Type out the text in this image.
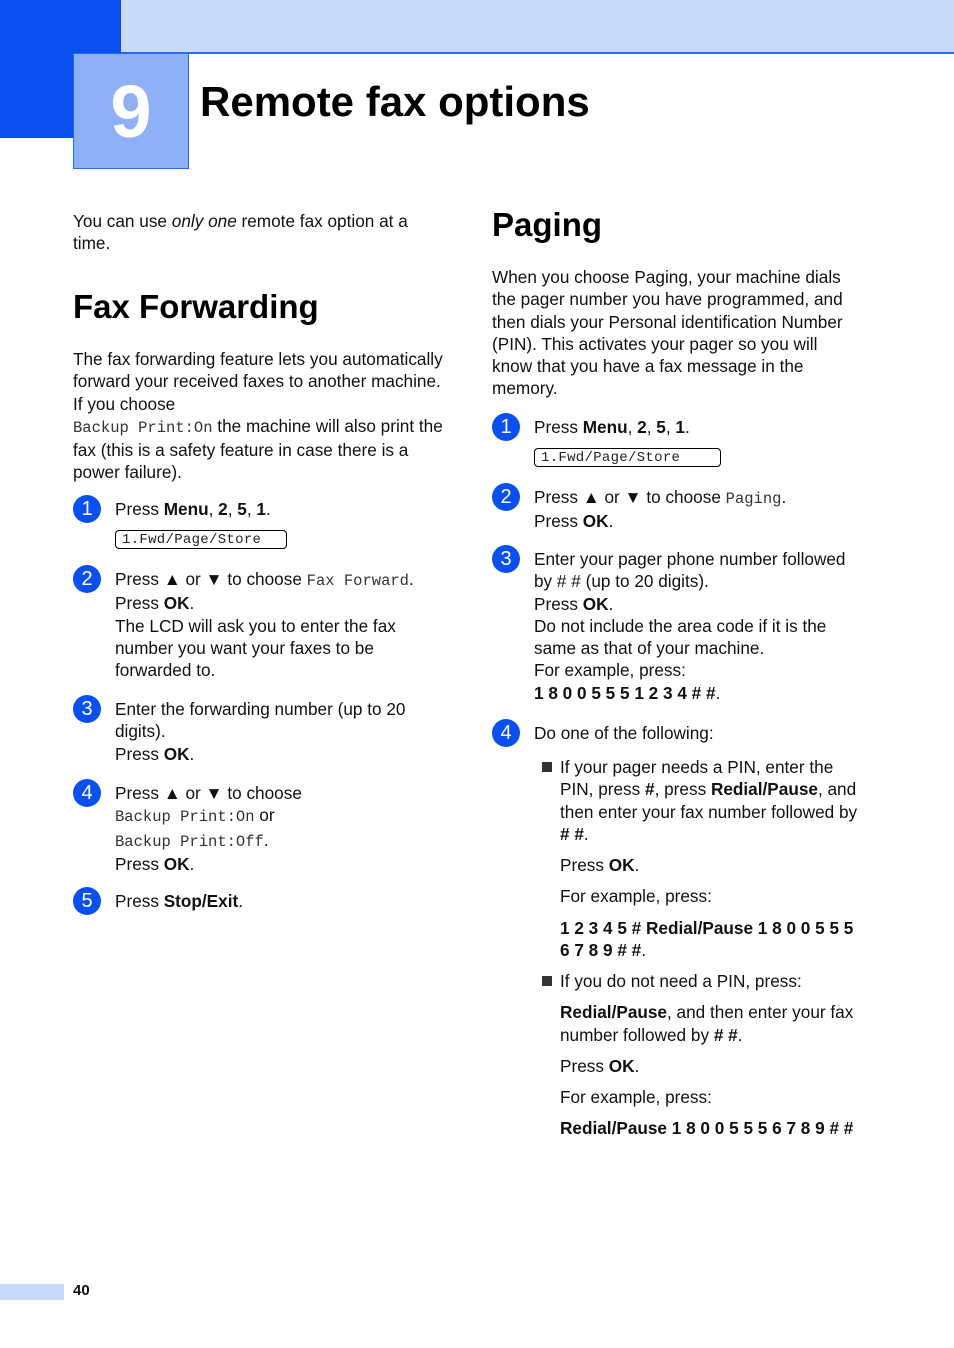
9 Remote fax options

You can use only one remote fax option at a time.

Fax Forwarding

The fax forwarding feature lets you automatically forward your received faxes to another machine. If you choose
Backup Print:On the machine will also print the fax (this is a safety feature in case there is a power failure).

1	Press Menu, 2, 5, 1.

1.Fwd/Page/Store
2	Press ▲ or ▼ to choose Fax Forward.

Press OK.

The LCD will ask you to enter the fax number you want your faxes to be forwarded to.

3	Enter the forwarding number (up to 20 digits).

Press OK.

4	Press ▲ or ▼ to choose

Backup Print:On or

Backup Print:Off.

Press OK.

5	Press Stop/Exit.

Paging

When you choose Paging, your machine dials the pager number you have programmed, and then dials your Personal identification Number (PIN). This activates your pager so you will know that you have a fax message in the memory.

1	Press Menu, 2, 5, 1.

1.Fwd/Page/Store
2	Press ▲ or ▼ to choose Paging.

Press OK.

3	Enter your pager phone number followed by # # (up to 20 digits).

Press OK.

Do not include the area code if it is the same as that of your machine.

For example, press:

1 8 0 0 5 5 5 1 2 3 4 # #.

4	Do one of the following:

If your pager needs a PIN, enter the PIN, press #, press Redial/Pause, and then enter your fax number followed by # #.

Press OK.

For example, press:

1 2 3 4 5 # Redial/Pause 1 8 0 0 5 5 5 6 7 8 9 # #.

If you do not need a PIN, press:

Redial/Pause, and then enter your fax number followed by # #.

Press OK.

For example, press:

Redial/Pause 1 8 0 0 5 5 5 6 7 8 9 # #

40
